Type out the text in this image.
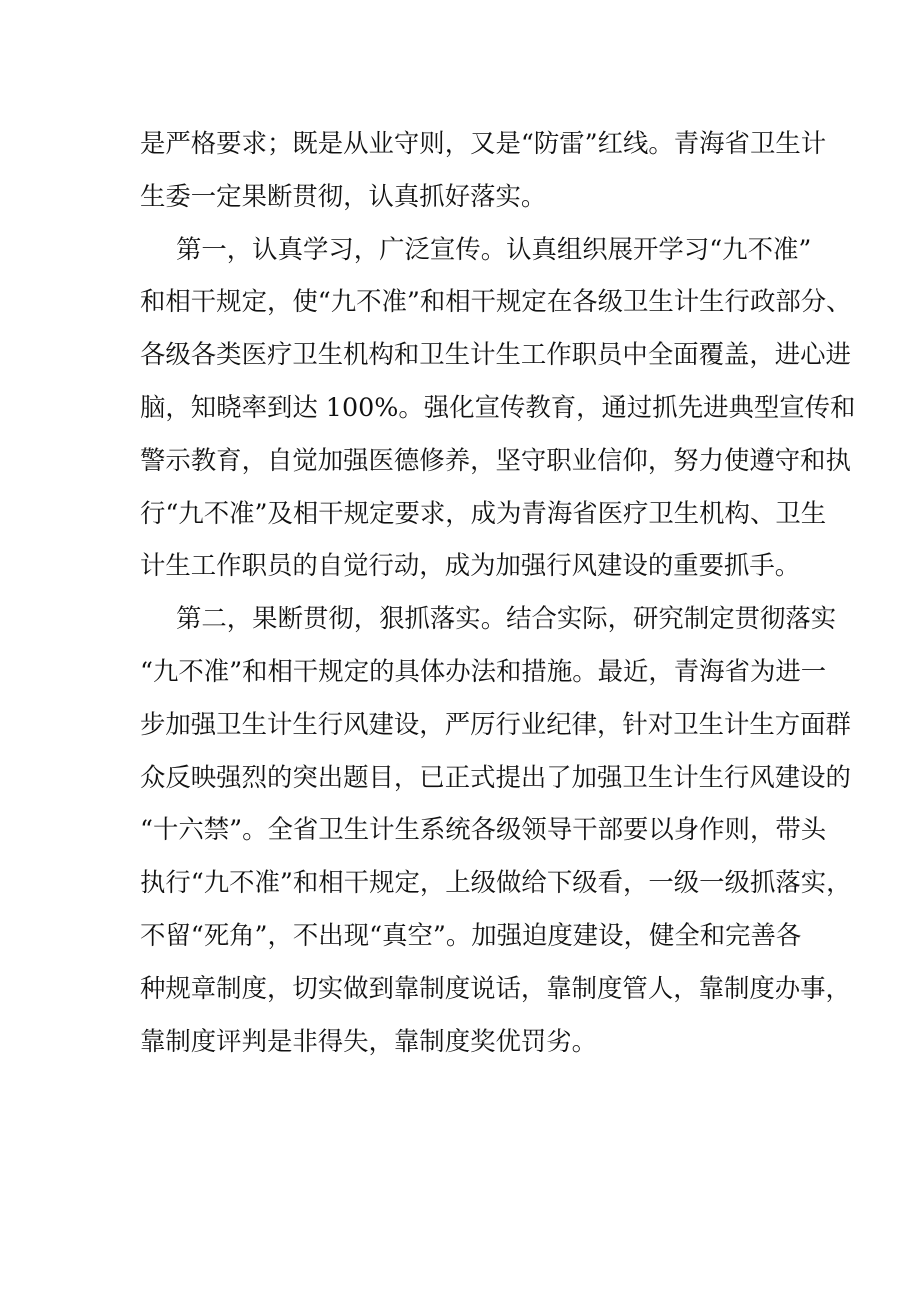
是严格要求；既是从业守则，又是“防雷”红线。青海省卫生计
生委一定果断贯彻，认真抓好落实。
第一，认真学习，广泛宣传。认真组织展开学习“九不准”
和相干规定，使“九不准”和相干规定在各级卫生计生行政部分、
各级各类医疗卫生机构和卫生计生工作职员中全面覆盖，进心进
脑，知晓率到达 100%。强化宣传教育，通过抓先进典型宣传和
警示教育，自觉加强医德修养，坚守职业信仰，努力使遵守和执
行“九不准”及相干规定要求，成为青海省医疗卫生机构、卫生
计生工作职员的自觉行动，成为加强行风建设的重要抓手。
第二，果断贯彻，狠抓落实。结合实际，研究制定贯彻落实
“九不准”和相干规定的具体办法和措施。最近，青海省为进一
步加强卫生计生行风建设，严厉行业纪律，针对卫生计生方面群
众反映强烈的突出题目，已正式提出了加强卫生计生行风建设的
“十六禁”。全省卫生计生系统各级领导干部要以身作则，带头
执行“九不准”和相干规定，上级做给下级看，一级一级抓落实，
不留“死角”，不出现“真空”。加强迫度建设，健全和完善各
种规章制度，切实做到靠制度说话，靠制度管人，靠制度办事，
靠制度评判是非得失，靠制度奖优罚劣。
